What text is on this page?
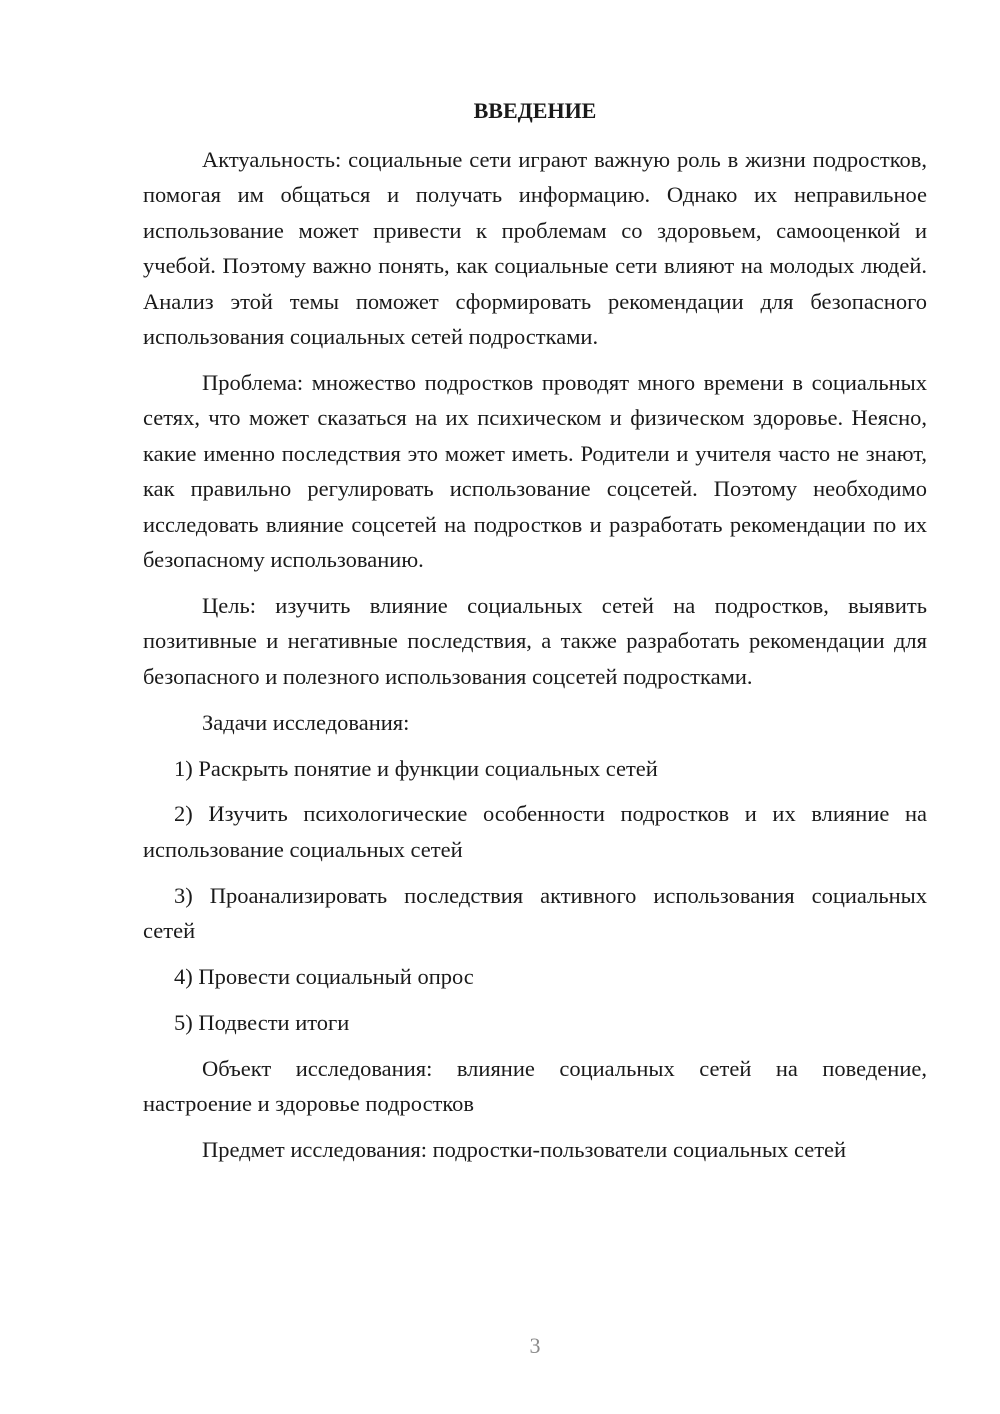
ВВЕДЕНИЕ

Актуальность: социальные сети играют важную роль в жизни подростков, помогая им общаться и получать информацию. Однако их неправильное использование может привести к проблемам со здоровьем, самооценкой и учебой. Поэтому важно понять, как социальные сети влияют на молодых людей. Анализ этой темы поможет сформировать рекомендации для безопасного использования социальных сетей подростками.

Проблема: множество подростков проводят много времени в социальных сетях, что может сказаться на их психическом и физическом здоровье. Неясно, какие именно последствия это может иметь. Родители и учителя часто не знают, как правильно регулировать использование соцсетей. Поэтому необходимо исследовать влияние соцсетей на подростков и разработать рекомендации по их безопасному использованию.

Цель: изучить влияние социальных сетей на подростков, выявить позитивные и негативные последствия, а также разработать рекомендации для безопасного и полезного использования соцсетей подростками.

Задачи исследования:

1) Раскрыть понятие и функции социальных сетей

2) Изучить психологические особенности подростков и их влияние на использование социальных сетей

3) Проанализировать последствия активного использования социальных сетей

4) Провести социальный опрос

5) Подвести итоги

Объект исследования: влияние социальных сетей на поведение, настроение и здоровье подростков

Предмет исследования: подростки-пользователи социальных сетей

3
